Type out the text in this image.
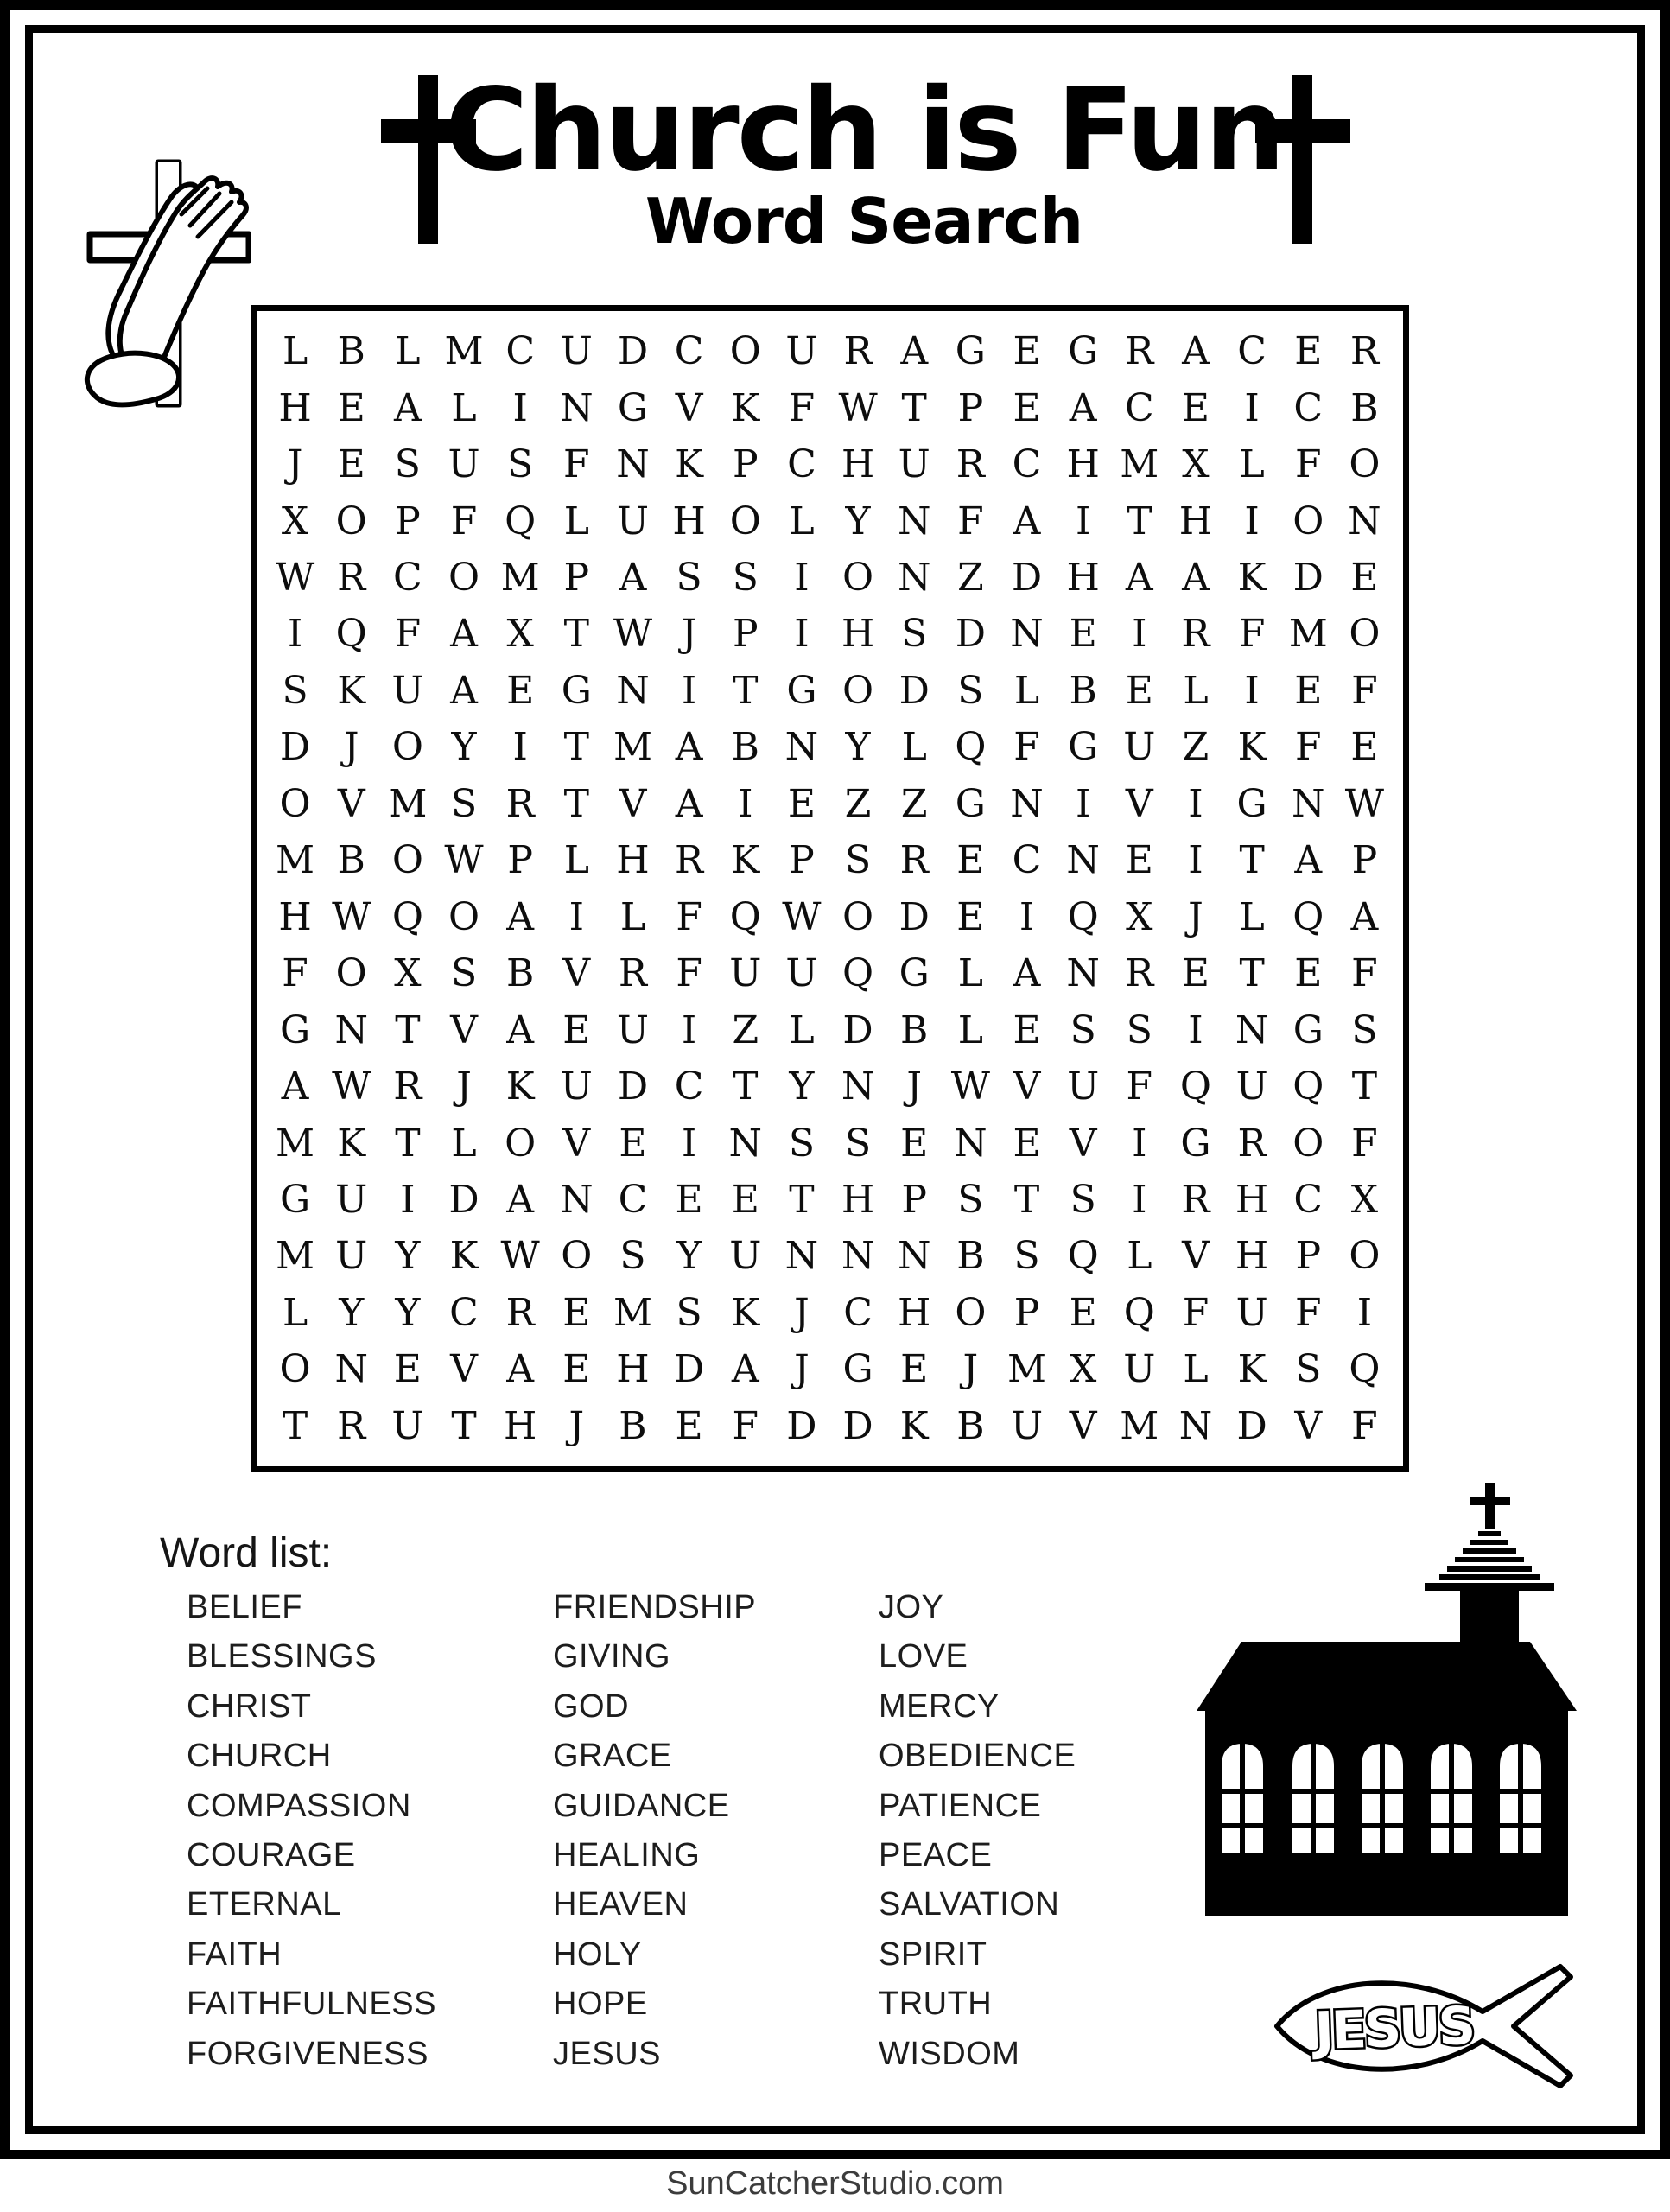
Church is Fun
Word Search
L B L M C U D C O U R A G E G R A C E R
H E A L I N G V K F W T P E A C E I C B
J E S U S F N K P C H U R C H M X L F O
X O P F Q L U H O L Y N F A I T H I O N
W R C O M P A S S I O N Z D H A A K D E
I Q F A X T W J P I H S D N E I R F M O
S K U A E G N I T G O D S L B E L I E F
D J O Y I T M A B N Y L Q F G U Z K F E
O V M S R T V A I E Z Z G N I V I G N W
M B O W P L H R K P S R E C N E I T A P
H W Q O A I L F Q W O D E I Q X J L Q A
F O X S B V R F U U Q G L A N R E T E F
G N T V A E U I Z L D B L E S S I N G S
A W R J K U D C T Y N J W V U F Q U Q T
M K T L O V E I N S S E N E V I G R O F
G U I D A N C E E T H P S T S I R H C X
M U Y K W O S Y U N N N B S Q L V H P O
L Y Y C R E M S K J C H O P E Q F U F I
O N E V A E H D A J G E J M X U L K S Q
T R U T H J B E F D D K B U V M N D V F
Word list:
BELIEF
BLESSINGS
CHRIST
CHURCH
COMPASSION
COURAGE
ETERNAL
FAITH
FAITHFULNESS
FORGIVENESS
FRIENDSHIP
GIVING
GOD
GRACE
GUIDANCE
HEALING
HEAVEN
HOLY
HOPE
JESUS
JOY
LOVE
MERCY
OBEDIENCE
PATIENCE
PEACE
SALVATION
SPIRIT
TRUTH
WISDOM	JESUS
SunCatcherStudio.com
